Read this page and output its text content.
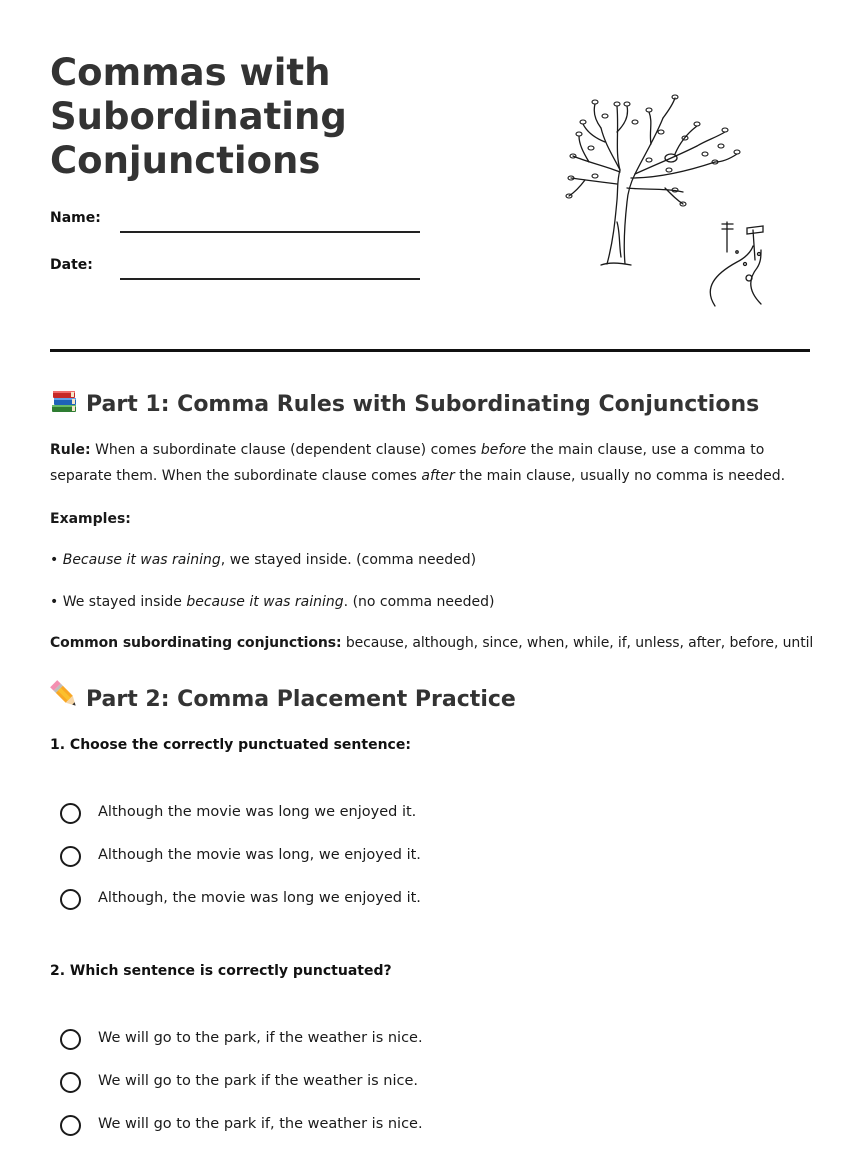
Commas with
Subordinating
Conjunctions
Name:
Date:
Part 1: Comma Rules with Subordinating Conjunctions

Rule: When a subordinate clause (dependent clause) comes before the main clause, use a comma to separate them. When the subordinate clause comes after the main clause, usually no comma is needed.

Examples:

• Because it was raining, we stayed inside. (comma needed)

• We stayed inside because it was raining. (no comma needed)

Common subordinating conjunctions: because, although, since, when, while, if, unless, after, before, until

Part 2: Comma Placement Practice

1. Choose the correctly punctuated sentence:

Although the movie was long we enjoyed it.
Although the movie was long, we enjoyed it.
Although, the movie was long we enjoyed it.

2. Which sentence is correctly punctuated?

We will go to the park, if the weather is nice.
We will go to the park if the weather is nice.
We will go to the park if, the weather is nice.
